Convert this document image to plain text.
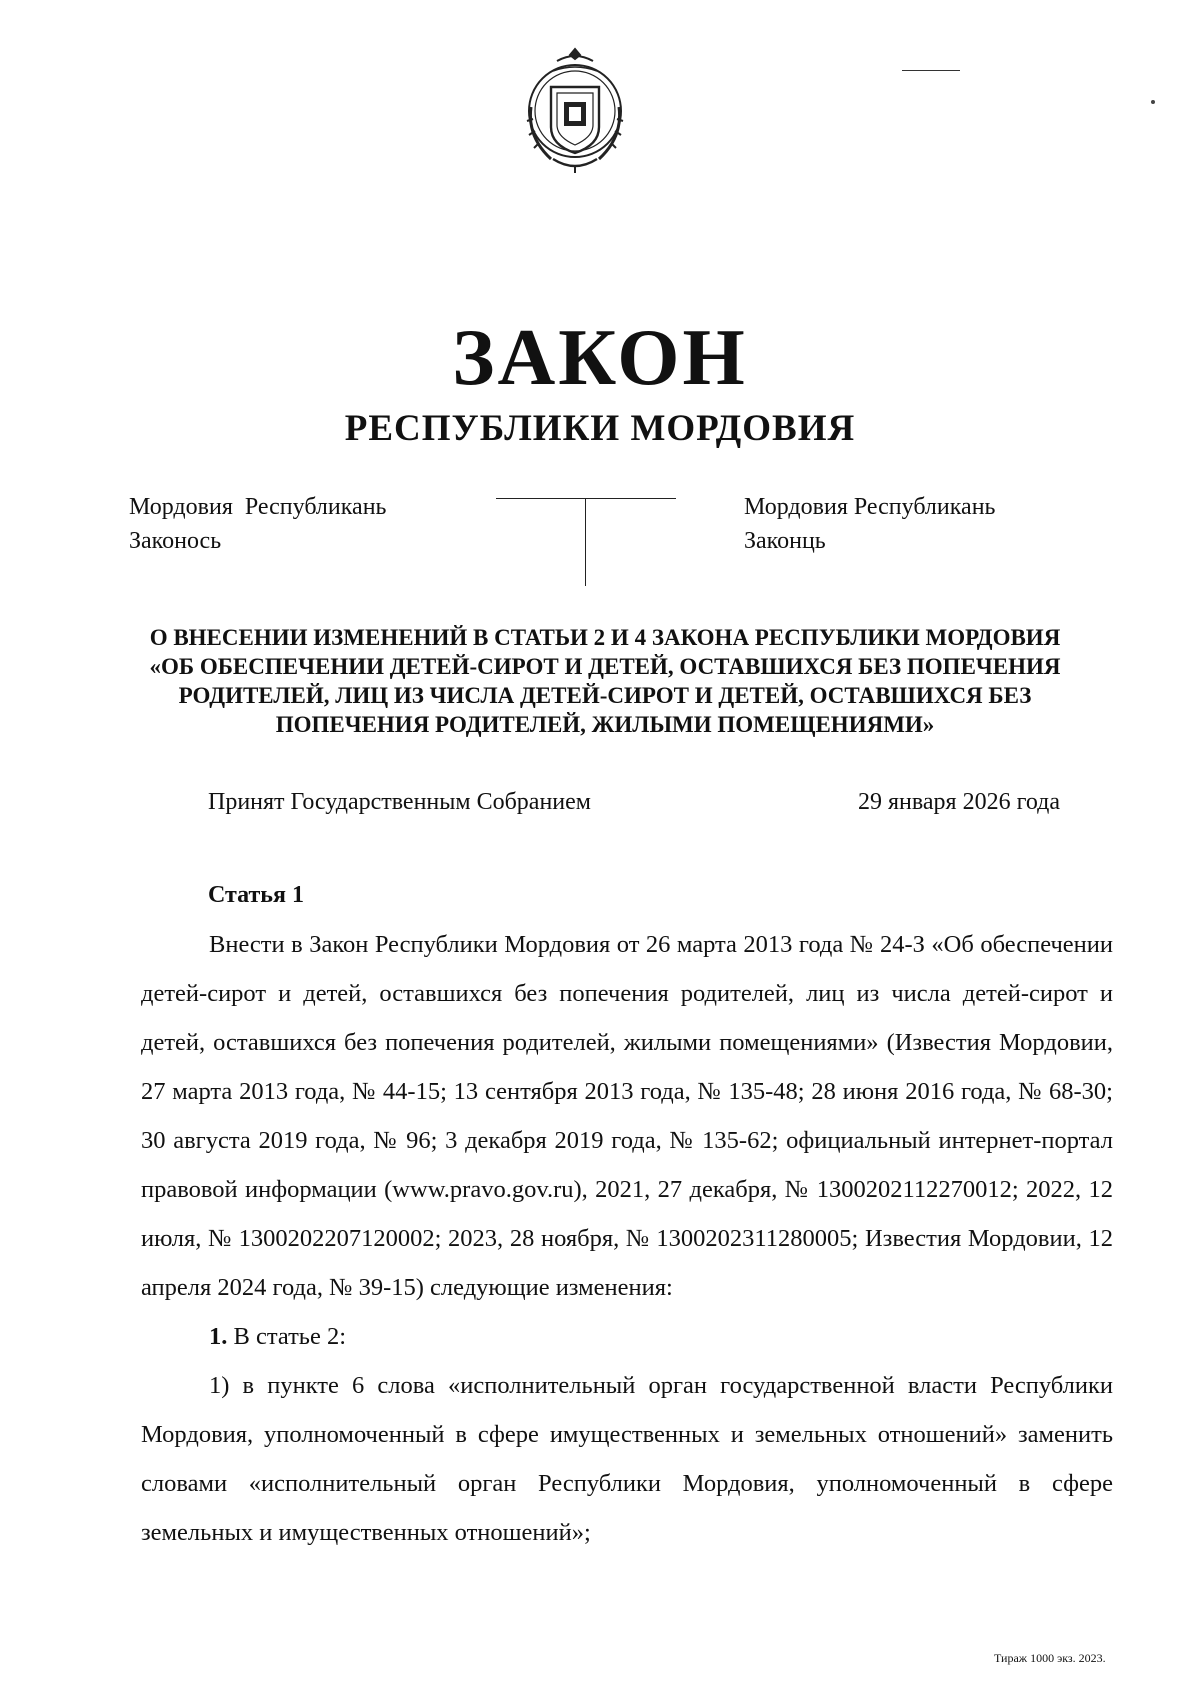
ЗАКОН
РЕСПУБЛИКИ МОРДОВИЯ
Мордовия  Республикань
Законось
Мордовия Республикань
Законць
О ВНЕСЕНИИ ИЗМЕНЕНИЙ В СТАТЬИ 2 И 4 ЗАКОНА РЕСПУБЛИКИ МОРДОВИЯ
«ОБ ОБЕСПЕЧЕНИИ ДЕТЕЙ-СИРОТ И ДЕТЕЙ, ОСТАВШИХСЯ БЕЗ ПОПЕЧЕНИЯ
РОДИТЕЛЕЙ, ЛИЦ ИЗ ЧИСЛА ДЕТЕЙ-СИРОТ И ДЕТЕЙ, ОСТАВШИХСЯ БЕЗ
ПОПЕЧЕНИЯ РОДИТЕЛЕЙ, ЖИЛЫМИ ПОМЕЩЕНИЯМИ»
Принят Государственным Собранием	29 января 2026 года
Статья 1

Внести в Закон Республики Мордовия от 26 марта 2013 года № 24-З «Об обеспечении детей-сирот и детей, оставшихся без попечения родителей, лиц из числа детей-сирот и детей, оставшихся без попечения родителей, жилыми помещениями» (Известия Мордовии, 27 марта 2013 года, № 44-15; 13 сентября 2013 года, № 135-48; 28 июня 2016 года, № 68-30; 30 августа 2019 года, № 96; 3 декабря 2019 года, № 135-62; официальный интернет-портал правовой информации (www.pravo.gov.ru), 2021, 27 декабря, № 1300202112270012; 2022, 12 июля, № 1300202207120002; 2023, 28 ноября, № 1300202311280005; Известия Мордовии, 12 апреля 2024 года, № 39-15) следующие изменения:

1. В статье 2:

1) в пункте 6 слова «исполнительный орган государственной власти Республики Мордовия, уполномоченный в сфере имущественных и земельных отношений» заменить словами «исполнительный орган Республики Мордовия, уполномоченный в сфере земельных и имущественных отношений»;

Тираж 1000 экз. 2023.
